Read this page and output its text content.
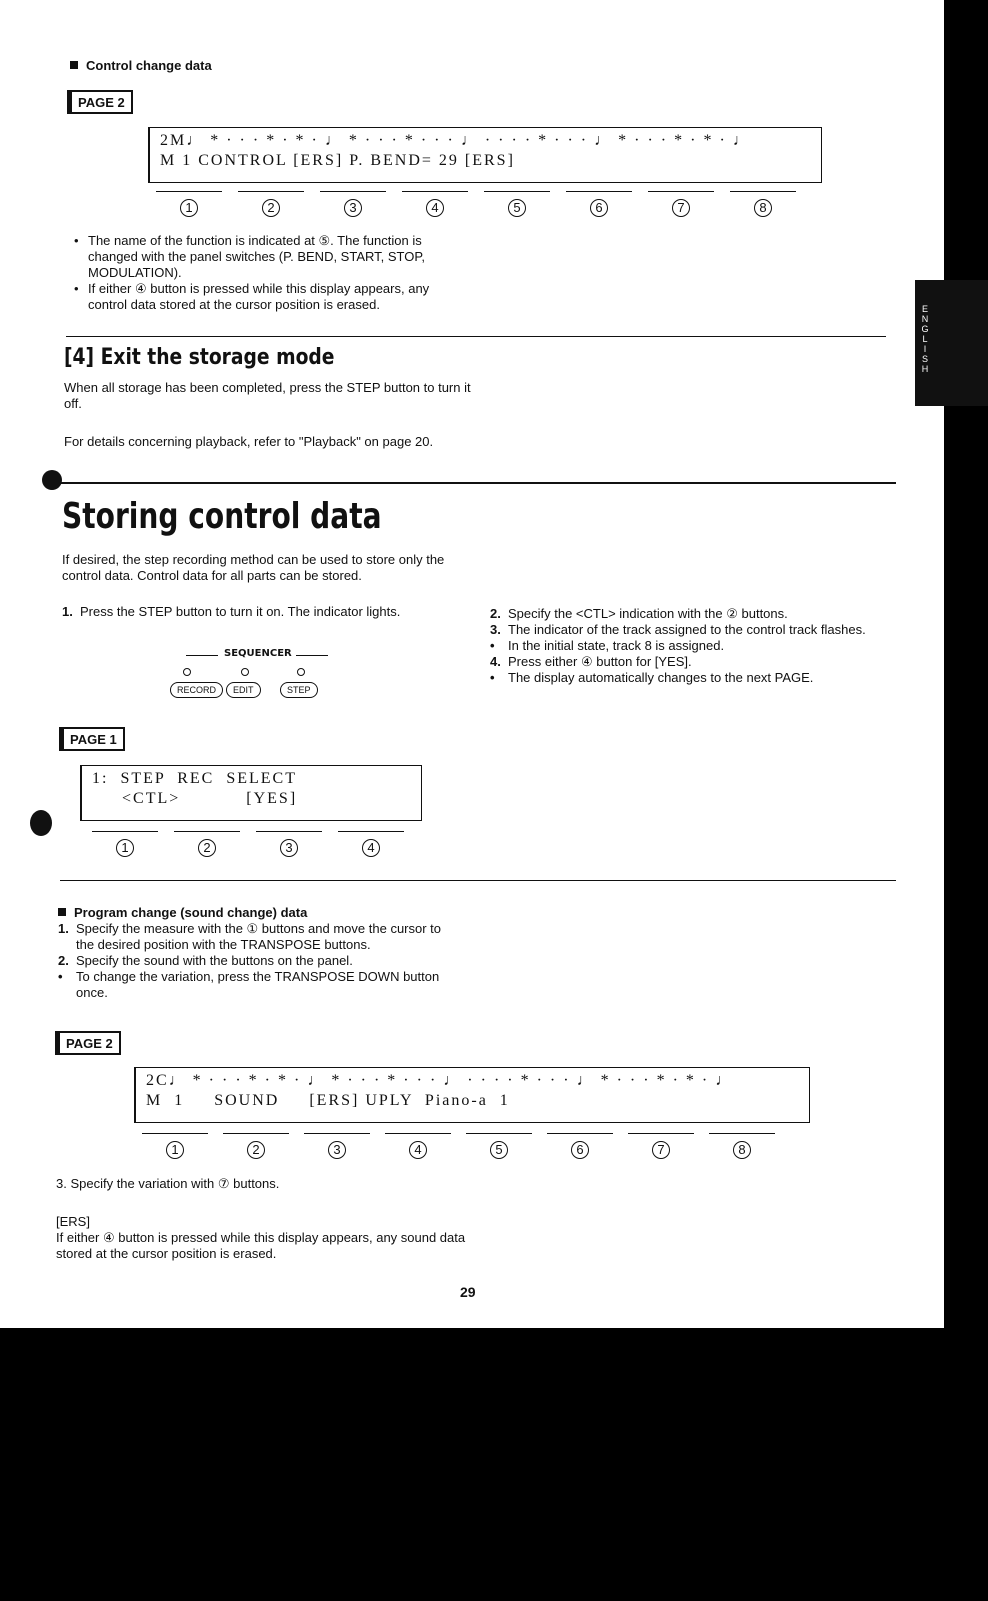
Control change data
PAGE 2
2M♩ * · · · * · * · ♩ * · · · * · · · ♩ · · · · * · · · ♩ * · · · * · * · ♩
M 1 CONTROL [ERS] P. BEND= 29 [ERS]
1	2	3	4	5	6	7	8
• The name of the function is indicated at ⑤. The function is changed with the panel switches (P. BEND, START, STOP, MODULATION).
• If either ④ button is pressed while this display appears, any control data stored at the cursor position is erased.
[4] Exit the storage mode
When all storage has been completed, press the STEP button to turn it off.
For details concerning playback, refer to "Playback" on page 20.
Storing control data
If desired, the step recording method can be used to store only the control data. Control data for all parts can be stored.
1. Press the STEP button to turn it on. The indicator lights.
SEQUENCER
RECORD	EDIT	STEP
PAGE 1
1:  STEP  REC  SELECT
<CTL>           [YES]
1	2	3	4
2. Specify the <CTL> indication with the ② buttons.
3. The indicator of the track assigned to the control track flashes.
• In the initial state, track 8 is assigned.
4. Press either ④ button for [YES].
• The display automatically changes to the next PAGE.
Program change (sound change) data
1. Specify the measure with the ① buttons and move the cursor to the desired position with the TRANSPOSE buttons.
2. Specify the sound with the buttons on the panel.
• To change the variation, press the TRANSPOSE DOWN button once.
PAGE 2
2C♩ * · · · * · * · ♩ * · · · * · · · ♩ · · · · * · · · ♩ * · · · * · * · ♩
M  1     SOUND     [ERS] UPLY  Piano-a  1
1	2	3	4	5	6	7	8
3. Specify the variation with ⑦ buttons.
[ERS]
If either ④ button is pressed while this display appears, any sound data stored at the cursor position is erased.
29
E
N
G
L
I
S
H
